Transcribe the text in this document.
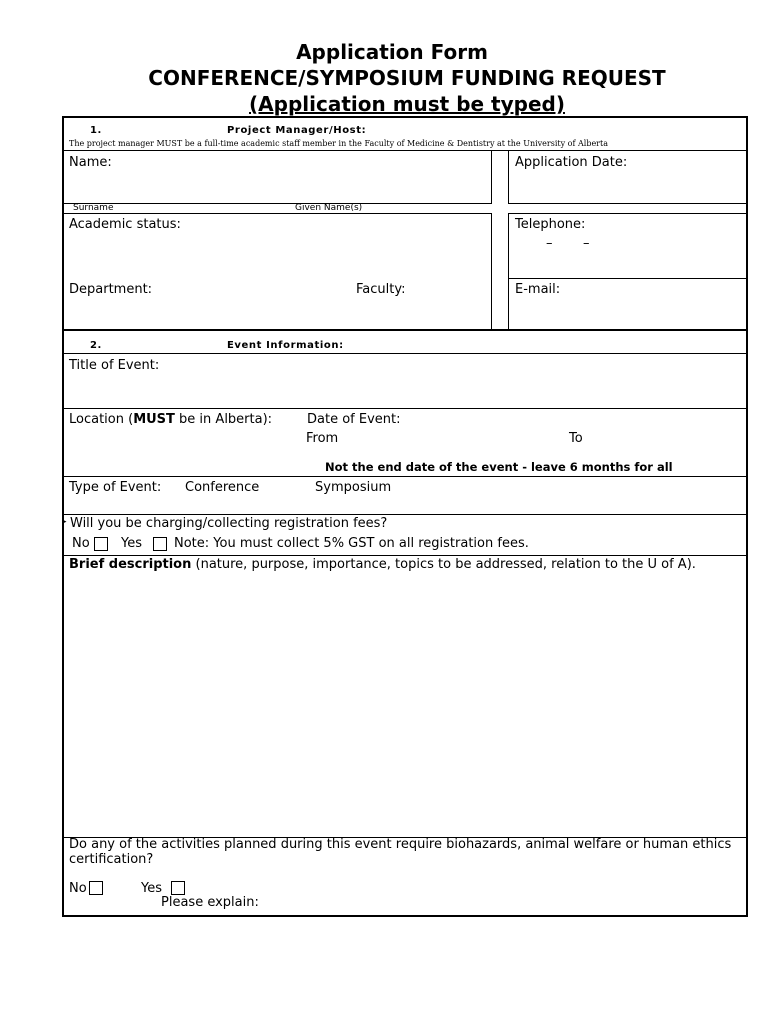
Application Form
CONFERENCE/SYMPOSIUM FUNDING REQUEST
(Application must be typed)
1.	Project Manager/Host:
The project manager MUST be a full-time academic staff member in the Faculty of Medicine & Dentistry at the University of Alberta
Name:	Application Date:
Surname	Given Name(s)
Academic status:	Telephone:
– –
Department:	Faculty:	E-mail:
2.	Event Information:
Title of Event:
Location (MUST be in Alberta):	Date of Event:
From	To
Not the end date of the event - leave 6 months for all
Type of Event: Conference	Symposium
▸ Will you be charging/collecting registration fees?
No Yes Note: You must collect 5% GST on all registration fees.
Brief description (nature, purpose, importance, topics to be addressed, relation to the U of A).
Do any of the activities planned during this event require biohazards, animal welfare or human ethics
certification?
No	Yes
Please explain:
